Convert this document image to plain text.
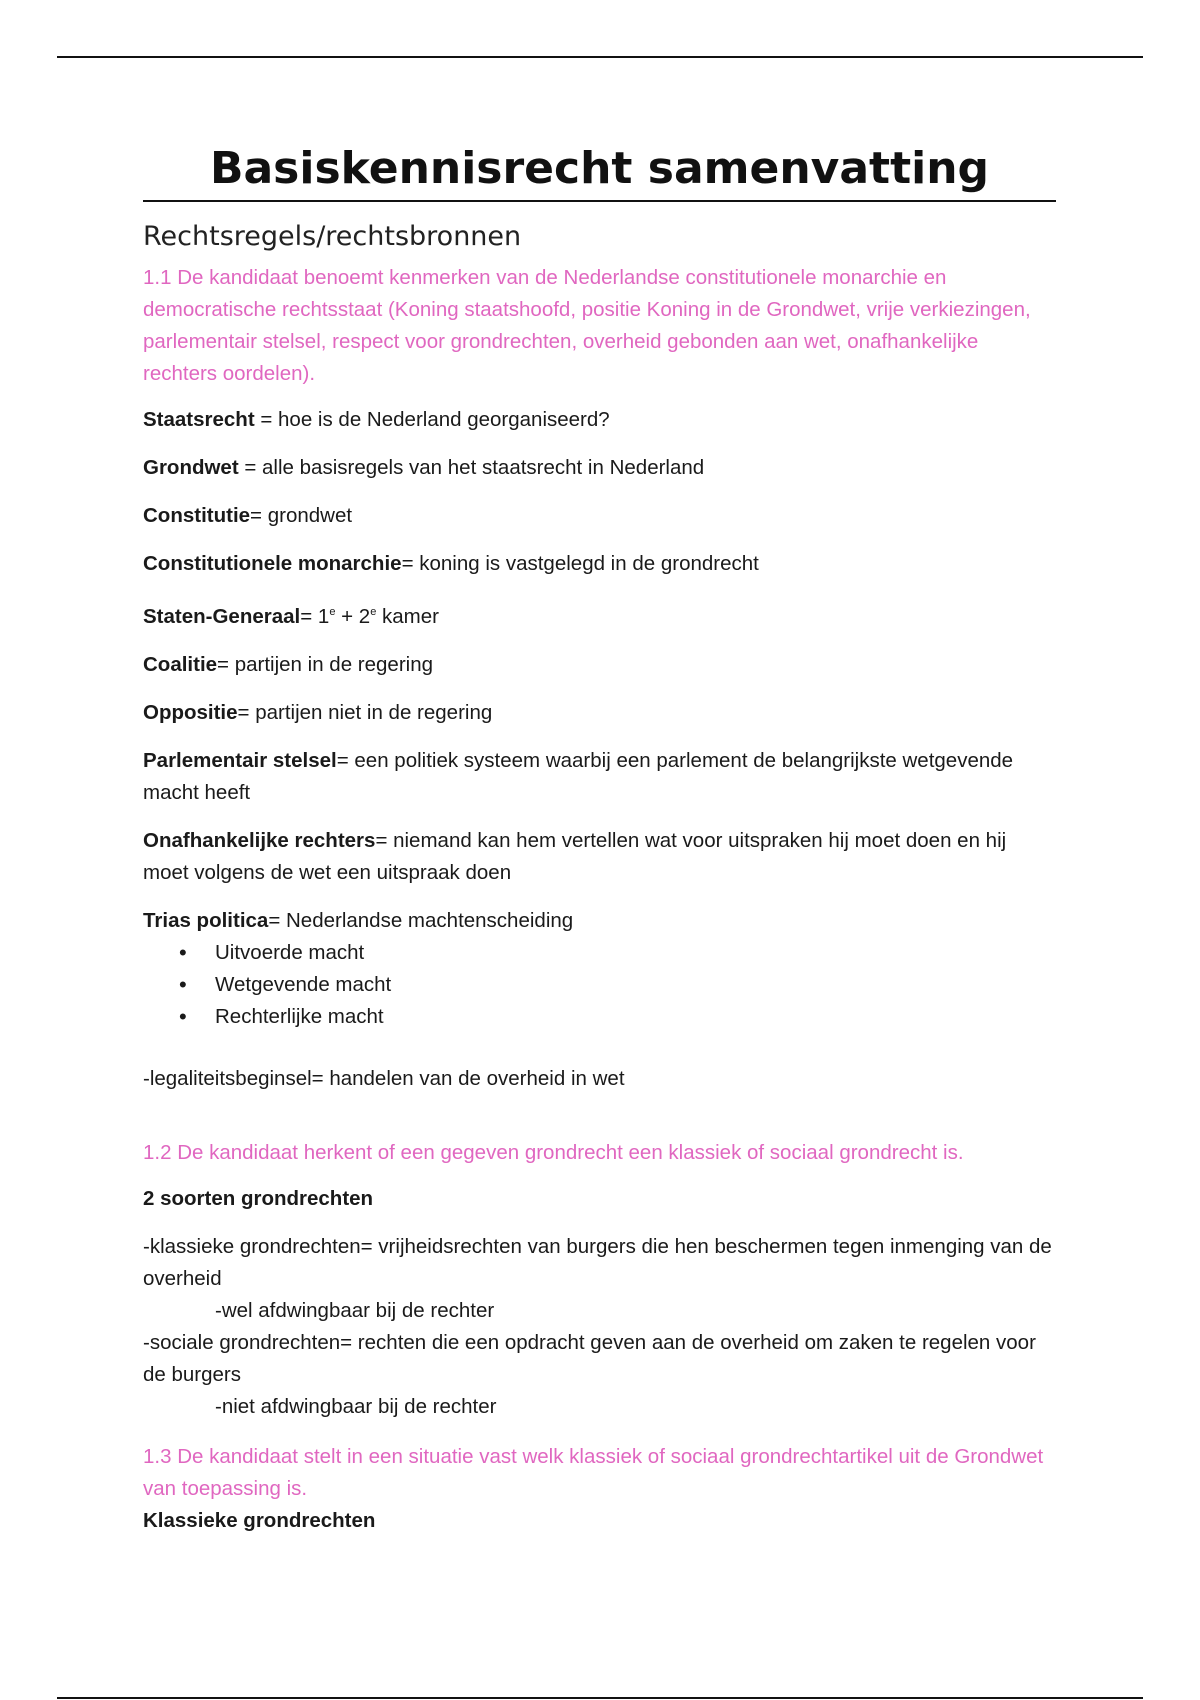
Basiskennisrecht samenvatting
Rechtsregels/rechtsbronnen

1.1 De kandidaat benoemt kenmerken van de Nederlandse constitutionele monarchie en democratische rechtsstaat (Koning staatshoofd, positie Koning in de Grondwet, vrije verkiezingen, parlementair stelsel, respect voor grondrechten, overheid gebonden aan wet, onafhankelijke rechters oordelen).

Staatsrecht = hoe is de Nederland georganiseerd?

Grondwet = alle basisregels van het staatsrecht in Nederland

Constitutie= grondwet

Constitutionele monarchie= koning is vastgelegd in de grondrecht

Staten-Generaal= $1^e + 2^e$ kamer

Coalitie= partijen in de regering

Oppositie= partijen niet in de regering

Parlementair stelsel= een politiek systeem waarbij een parlement de belangrijkste wetgevende macht heeft

Onafhankelijke rechters= niemand kan hem vertellen wat voor uitspraken hij moet doen en hij moet volgens de wet een uitspraak doen

Trias politica= Nederlandse machtenscheiding

• Uitvoerde macht
• Wetgevende macht
• Rechterlijke macht

-legaliteitsbeginsel= handelen van de overheid in wet

1.2 De kandidaat herkent of een gegeven grondrecht een klassiek of sociaal grondrecht is.

2 soorten grondrechten

-klassieke grondrechten= vrijheidsrechten van burgers die hen beschermen tegen inmenging van de overheid
-wel afdwingbaar bij de rechter
-sociale grondrechten= rechten die een opdracht geven aan de overheid om zaken te regelen voor de burgers
-niet afdwingbaar bij de rechter

1.3 De kandidaat stelt in een situatie vast welk klassiek of sociaal grondrechtartikel uit de Grondwet van toepassing is.

Klassieke grondrechten
